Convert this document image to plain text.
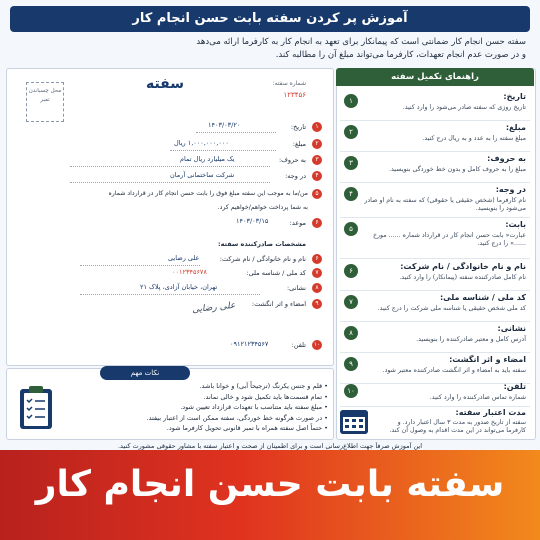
آموزش پر کردن سفته بابت حسن انجام کار
سفته حسن انجام کار ضمانتی است که پیمانکار برای تعهد به انجام کار به کارفرما ارائه می‌دهد
و در صورت عدم انجام تعهدات، کارفرما می‌تواند مبلغ آن را مطالبه کند.
محل چسباندن تمبر
سفته	شماره سفته:
۱۲۳۴۵۶
۱
تاریخ:
۱۴۰۳/۰۳/۲۰
۲
مبلغ:
۱,۰۰۰,۰۰۰,۰۰۰ ریال
۳
به حروف:
یک میلیارد ریال تمام
۴
در وجه:
شرکت ساختمانی آرمان
۵
من/ما به موجب این سفته مبلغ فوق را بابت حسن انجام کار در قرارداد شماره
به شما پرداخت خواهم/خواهیم کرد.
۶
موعد:
۱۴۰۳/۰۳/۱۵
مشخصات صادرکننده سفته:
۶
نام و نام خانوادگی / نام شرکت:
علی رضایی
۷
کد ملی / شناسه ملی:
۰۰۱۲۳۴۵۶۷۸
۸
نشانی:
تهران، خیابان آزادی، پلاک ۲۱
۹
امضاء و اثر انگشت:
علی رضایی
۱۰
تلفن:
۰۹۱۲۱۲۳۴۵۶۷
نکات مهم
• قلم و جنس یکرنگ (ترجیحاً آبی) و خوانا باشد.
• تمام قسمت‌ها باید تکمیل شود و خالی نماند.
• مبلغ سفته باید متناسب با تعهدات قرارداد تعیین شود.
• در صورت هرگونه خط خوردگی، سفته ممکن است از اعتبار بیفتد.
• حتماً اصل سفته همراه با تمبر قانونی تحویل کارفرما شود.
راهنمای تکمیل سفته
۱	تاریخ:
تاریخ روزی که سفته صادر می‌شود را وارد کنید.
۲	مبلغ:
مبلغ سفته را به عدد و به ریال درج کنید.
۳	به حروف:
مبلغ را به حروف کامل و بدون خط خوردگی بنویسید.
۴	در وجه:
نام کارفرما (شخص حقیقی یا حقوقی) که سفته به نام او صادر می‌شود را بنویسید.
۵	بابت:
عبارت« بابت حسن انجام کار در قرارداد شماره ...... مورخ ......» را درج کنید.
۶	نام و نام خانوادگی / نام شرکت:
نام کامل صادرکننده سفته (پیمانکار) را وارد کنید.
۷	کد ملی / شناسه ملی:
کد ملی شخص حقیقی یا شناسه ملی شرکت را درج کنید.
۸	نشانی:
آدرس کامل و معتبر صادرکننده را بنویسید.
۹	امضاء و اثر انگشت:
سفته باید به امضاء و اثر انگشت صادرکننده معتبر شود.
۱۰	تلفن:
شماره تماس صادرکننده را وارد کنید.
مدت اعتبار سفته:
سفته از تاریخ صدور به مدت ۳ سال اعتبار دارد. و کارفرما می‌تواند در این مدت اقدام به وصول آن کند.
این آموزش صرفاً جهت اطلاع‌رسانی است و برای اطمینان از صحت و اعتبار سفته با مشاور حقوقی مشورت کنید.
سفته بابت حسن انجام کار
